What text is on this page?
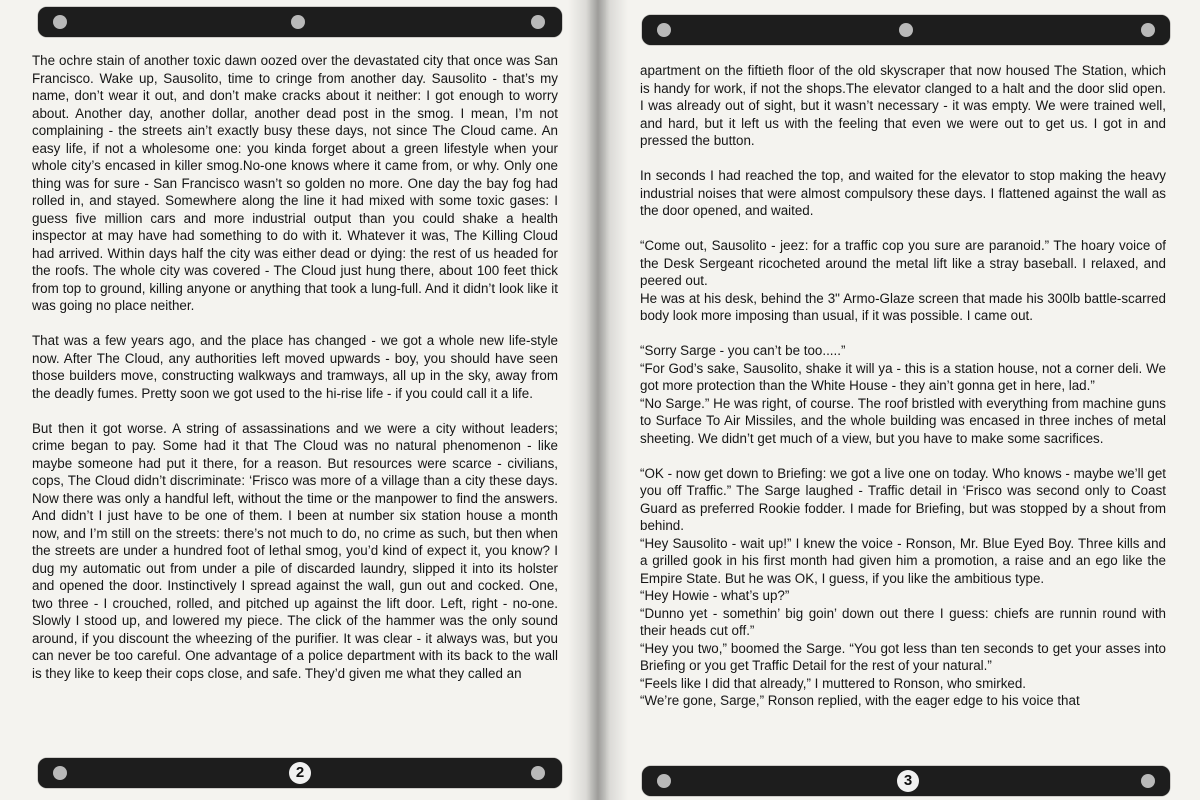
The ochre stain of another toxic dawn oozed over the devastated city that once was San Francisco. Wake up, Sausolito, time to cringe from another day. Sausolito - that’s my name, don’t wear it out, and don’t make cracks about it neither: I got enough to worry about. Another day, another dollar, another dead post in the smog. I mean, I’m not complaining - the streets ain’t exactly busy these days, not since The Cloud came. An easy life, if not a wholesome one: you kinda forget about a green lifestyle when your whole city’s encased in killer smog.No-one knows where it came from, or why. Only one thing was for sure - San Francisco wasn’t so golden no more. One day the bay fog had rolled in, and stayed. Somewhere along the line it had mixed with some toxic gases: I guess five million cars and more industrial output than you could shake a health inspector at may have had something to do with it. Whatever it was, The Killing Cloud had arrived. Within days half the city was either dead or dying: the rest of us headed for the roofs. The whole city was covered - The Cloud just hung there, about 100 feet thick from top to ground, killing anyone or anything that took a lung-full. And it didn’t look like it was going no place neither.

That was a few years ago, and the place has changed - we got a whole new life-style now. After The Cloud, any authorities left moved upwards - boy, you should have seen those builders move, constructing walkways and tramways, all up in the sky, away from the deadly fumes. Pretty soon we got used to the hi-rise life - if you could call it a life.

But then it got worse. A string of assassinations and we were a city without leaders; crime began to pay. Some had it that The Cloud was no natural phenomenon - like maybe someone had put it there, for a reason. But resources were scarce - civilians, cops, The Cloud didn’t discriminate: ‘Frisco was more of a village than a city these days. Now there was only a handful left, without the time or the manpower to find the answers. And didn’t I just have to be one of them. I been at number six station house a month now, and I’m still on the streets: there’s not much to do, no crime as such, but then when the streets are under a hundred foot of lethal smog, you’d kind of expect it, you know? I dug my automatic out from under a pile of discarded laundry, slipped it into its holster and opened the door. Instinctively I spread against the wall, gun out and cocked. One, two three - I crouched, rolled, and pitched up against the lift door. Left, right - no-one. Slowly I stood up, and lowered my piece. The click of the hammer was the only sound around, if you discount the wheezing of the purifier. It was clear - it always was, but you can never be too careful. One advantage of a police department with its back to the wall is they like to keep their cops close, and safe. They’d given me what they called an

2

apartment on the fiftieth floor of the old skyscraper that now housed The Station, which is handy for work, if not the shops.The elevator clanged to a halt and the door slid open. I was already out of sight, but it wasn’t necessary - it was empty. We were trained well, and hard, but it left us with the feeling that even we were out to get us. I got in and pressed the button.

In seconds I had reached the top, and waited for the elevator to stop making the heavy industrial noises that were almost compulsory these days. I flattened against the wall as the door opened, and waited.

“Come out, Sausolito - jeez: for a traffic cop you sure are paranoid.” The hoary voice of the Desk Sergeant ricocheted around the metal lift like a stray baseball. I relaxed, and peered out.

He was at his desk, behind the 3" Armo-Glaze screen that made his 300lb battle-scarred body look more imposing than usual, if it was possible. I came out.

“Sorry Sarge - you can’t be too.....”

“For God’s sake, Sausolito, shake it will ya - this is a station house, not a corner deli. We got more protection than the White House - they ain’t gonna get in here, lad.”

“No Sarge.” He was right, of course. The roof bristled with everything from machine guns to Surface To Air Missiles, and the whole building was encased in three inches of metal sheeting. We didn’t get much of a view, but you have to make some sacrifices.

“OK - now get down to Briefing: we got a live one on today. Who knows - maybe we’ll get you off Traffic.” The Sarge laughed - Traffic detail in ‘Frisco was second only to Coast Guard as preferred Rookie fodder. I made for Briefing, but was stopped by a shout from behind.

“Hey Sausolito - wait up!” I knew the voice - Ronson, Mr. Blue Eyed Boy. Three kills and a grilled gook in his first month had given him a promotion, a raise and an ego like the Empire State. But he was OK, I guess, if you like the ambitious type.

“Hey Howie - what’s up?”

“Dunno yet - somethin’ big goin’ down out there I guess: chiefs are runnin round with their heads cut off.”

“Hey you two,” boomed the Sarge. “You got less than ten seconds to get your asses into Briefing or you get Traffic Detail for the rest of your natural.”

“Feels like I did that already,” I muttered to Ronson, who smirked.

“We’re gone, Sarge,” Ronson replied, with the eager edge to his voice that

3
